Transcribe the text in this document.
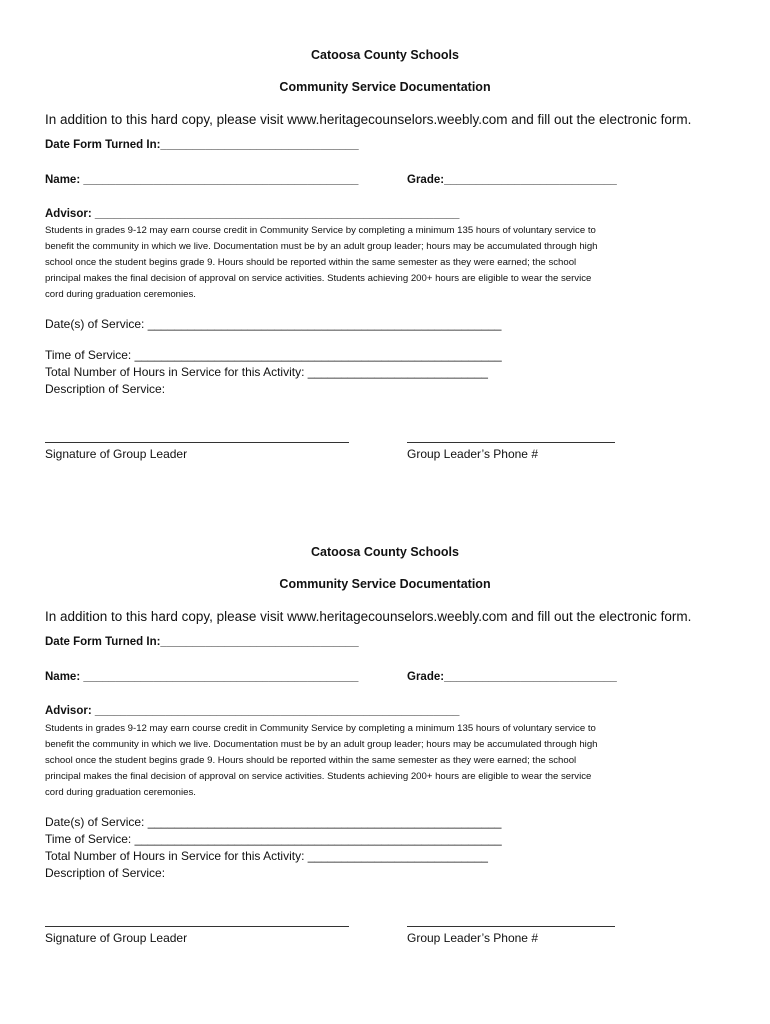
Catoosa County Schools
Community Service Documentation
In addition to this hard copy, please visit www.heritagecounselors.weebly.com and fill out the electronic form.
Date Form Turned In:_______________________________
Name: ___________________________________________	Grade:___________________________
Advisor: _________________________________________________________
Students in grades 9-12 may earn course credit in Community Service by completing a minimum 135 hours of voluntary service to
benefit the community in which we live. Documentation must be by an adult group leader; hours may be accumulated through high
school once the student begins grade 9. Hours should be reported within the same semester as they were earned; the school
principal makes the final decision of approval on service activities. Students achieving 200+ hours are eligible to wear the service
cord during graduation ceremonies.
Date(s) of Service: _____________________________________________________
Time of Service: _______________________________________________________
Total Number of Hours in Service for this Activity: ___________________________
Description of Service:
Signature of Group Leader	Group Leader’s Phone #
Catoosa County Schools
Community Service Documentation
In addition to this hard copy, please visit www.heritagecounselors.weebly.com and fill out the electronic form.
Date Form Turned In:_______________________________
Name: ___________________________________________	Grade:___________________________
Advisor: _________________________________________________________
Students in grades 9-12 may earn course credit in Community Service by completing a minimum 135 hours of voluntary service to
benefit the community in which we live. Documentation must be by an adult group leader; hours may be accumulated through high
school once the student begins grade 9. Hours should be reported within the same semester as they were earned; the school
principal makes the final decision of approval on service activities. Students achieving 200+ hours are eligible to wear the service
cord during graduation ceremonies.
Date(s) of Service: _____________________________________________________
Time of Service: _______________________________________________________
Total Number of Hours in Service for this Activity: ___________________________
Description of Service:
Signature of Group Leader	Group Leader’s Phone #
